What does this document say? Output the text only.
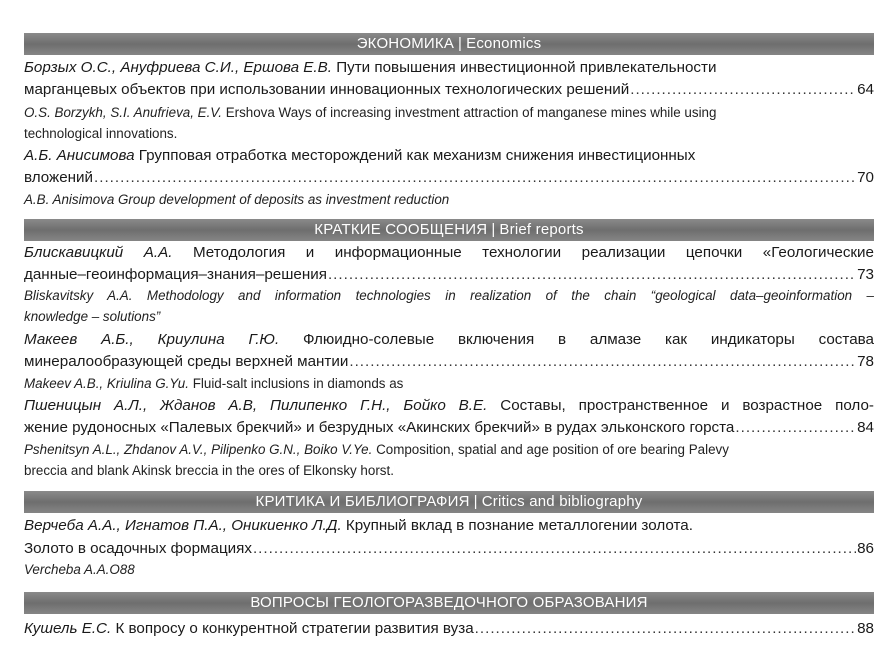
ЭКОНОМИКА | Economics
Борзых О.С., Ануфриева С.И., Ершова Е.В. Пути повышения инвестиционной привлекательности
марганцевых объектов при использовании инновационных технологических решений .....	64
O.S. Borzykh, S.I. Anufrieva, E.V. Ershova Ways of increasing investment attraction of manganese mines while using
technological innovations.
А.Б. Анисимова Групповая отработка месторождений как механизм снижения инвестиционных
вложений .....	70
A.B. Anisimova Group development of deposits as investment reduction
КРАТКИЕ СООБЩЕНИЯ | Brief reports
Блискавицкий А.А. Методология и информационные технологии реализации цепочки «Геологические
данные–геоинформация–знания–решения .....	73
Bliskavitsky A.A. Methodology and information technologies in realization of the chain “geological data–geoinformation –
knowledge – solutions”
Макеев А.Б., Криулина Г.Ю. Флюидно-солевые включения в алмазе как индикаторы состава
минералообразующей среды верхней мантии .....	78
Makeev A.B., Kriulina G.Yu. Fluid-salt inclusions in diamonds as
Пшеницын А.Л., Жданов А.В, Пилипенко Г.Н., Бойко В.Е. Составы, пространственное и возрастное поло-
жение рудоносных «Палевых брекчий» и безрудных «Акинских брекчий» в рудах эльконского горста .....	84
Pshenitsyn A.L., Zhdanov A.V., Pilipenko G.N., Boiko V.Ye. Composition, spatial and age position of ore bearing Palevy
breccia and blank Akinsk breccia in the ores of Elkonsky horst.
КРИТИКА И БИБЛИОГРАФИЯ | Critics and bibliography
Верчеба А.А., Игнатов П.А., Оникиенко Л.Д. Крупный вклад в познание металлогении золота.
Золото в осадочных формациях .....	86
Vercheba A.A.O88
ВОПРОСЫ ГЕОЛОГОРАЗВЕДОЧНОГО ОБРАЗОВАНИЯ
Кушель Е.С. К вопросу о конкурентной стратегии развития вуза .....	88
